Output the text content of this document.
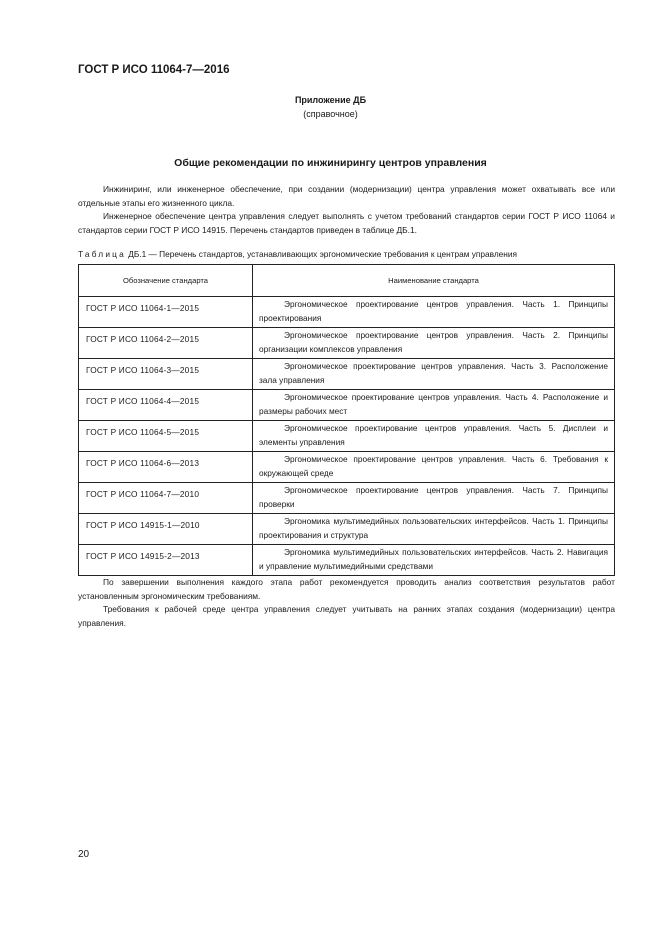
ГОСТ Р ИСО 11064-7—2016
Приложение ДБ
(справочное)
Общие рекомендации по инжинирингу центров управления

Инжиниринг, или инженерное обеспечение, при создании (модернизации) центра управления может охватывать все или отдельные этапы его жизненного цикла.

Инженерное обеспечение центра управления следует выполнять с учетом требований стандартов серии ГОСТ Р ИСО 11064 и стандартов серии ГОСТ Р ИСО 14915. Перечень стандартов приведен в таблице ДБ.1.

Таблица ДБ.1 — Перечень стандартов, устанавливающих эргономические требования к центрам управления
Обозначение стандарта	Наименование стандарта
ГОСТ Р ИСО 11064-1—2015	Эргономическое проектирование центров управления. Часть 1. Принципы проектирования

ГОСТ Р ИСО 11064-2—2015	Эргономическое проектирование центров управления. Часть 2. Принципы организации комплексов управления

ГОСТ Р ИСО 11064-3—2015	Эргономическое проектирование центров управления. Часть 3. Расположение зала управления

ГОСТ Р ИСО 11064-4—2015	Эргономическое проектирование центров управления. Часть 4. Расположение и размеры рабочих мест

ГОСТ Р ИСО 11064-5—2015	Эргономическое проектирование центров управления. Часть 5. Дисплеи и элементы управления

ГОСТ Р ИСО 11064-6—2013	Эргономическое проектирование центров управления. Часть 6. Требования к окружающей среде

ГОСТ Р ИСО 11064-7—2010	Эргономическое проектирование центров управления. Часть 7. Принципы проверки

ГОСТ Р ИСО 14915-1—2010	Эргономика мультимедийных пользовательских интерфейсов. Часть 1. Принципы проектирования и структура

ГОСТ Р ИСО 14915-2—2013	Эргономика мультимедийных пользовательских интерфейсов. Часть 2. Навигация и управление мультимедийными средствами

По завершении выполнения каждого этапа работ рекомендуется проводить анализ соответствия результатов работ установленным эргономическим требованиям.

Требования к рабочей среде центра управления следует учитывать на ранних этапах создания (модернизации) центра управления.

20
